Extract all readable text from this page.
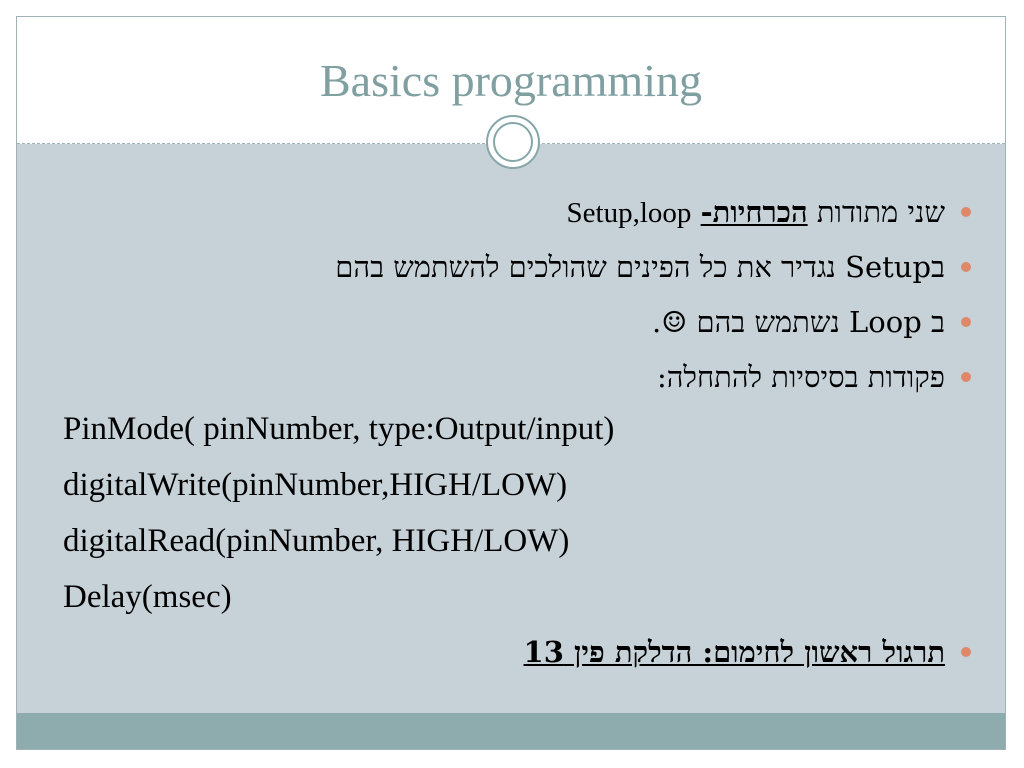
Basics programming
שני מתודות הכרחיות- Setup,loop
בSetup נגדיר את כל הפינים שהולכים להשתמש בהם
ב Loop נשתמש בהם ☺.
פקודות בסיסיות להתחלה:
PinMode( pinNumber, type:Output/input)
digitalWrite(pinNumber,HIGH/LOW)
digitalRead(pinNumber, HIGH/LOW)
Delay(msec)
תרגול ראשון לחימום: הדלקת פין 13
